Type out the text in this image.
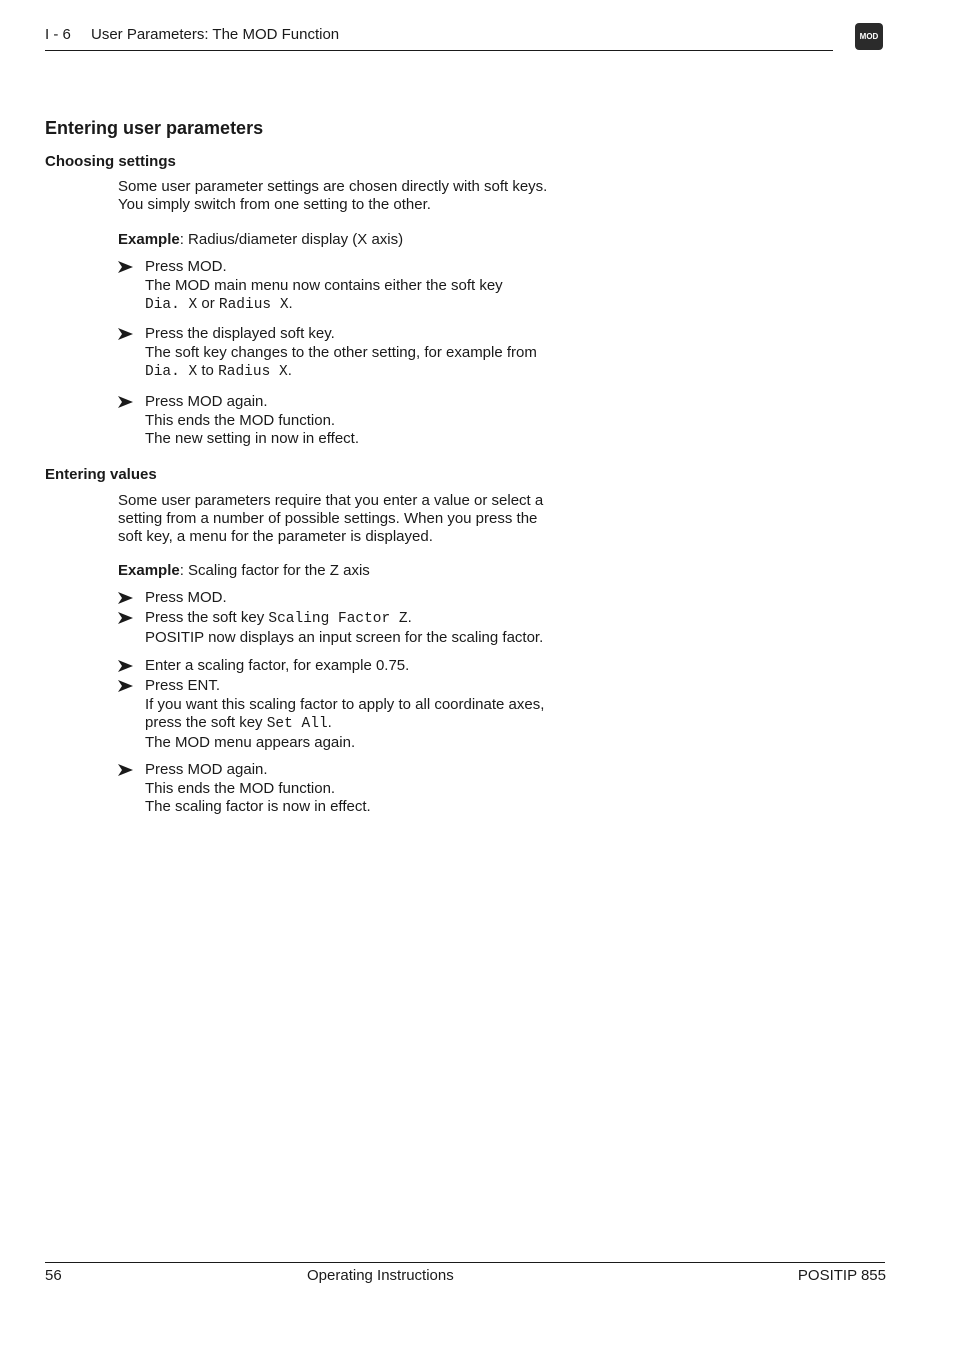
I - 6 User Parameters: The MOD Function	MOD
Entering user parameters
Choosing settings
Some user parameter settings are chosen directly with soft keys.
You simply switch from one setting to the other.
Example: Radius/diameter display (X axis)
Press MOD.
The MOD main menu now contains either the soft key
Dia. X or Radius X.
Press the displayed soft key.
The soft key changes to the other setting, for example from
Dia. X to Radius X.
Press MOD again.
This ends the MOD function.
The new setting in now in effect.
Entering values
Some user parameters require that you enter a value or select a
setting from a number of possible settings. When you press the
soft key, a menu for the parameter is displayed.
Example: Scaling factor for the Z axis
Press MOD.
Press the soft key Scaling Factor Z.
POSITIP now displays an input screen for the scaling factor.
Enter a scaling factor, for example 0.75.
Press ENT.
If you want this scaling factor to apply to all coordinate axes,
press the soft key Set All.
The MOD menu appears again.
Press MOD again.
This ends the MOD function.
The scaling factor is now in effect.
56	Operating Instructions	POSITIP 855
